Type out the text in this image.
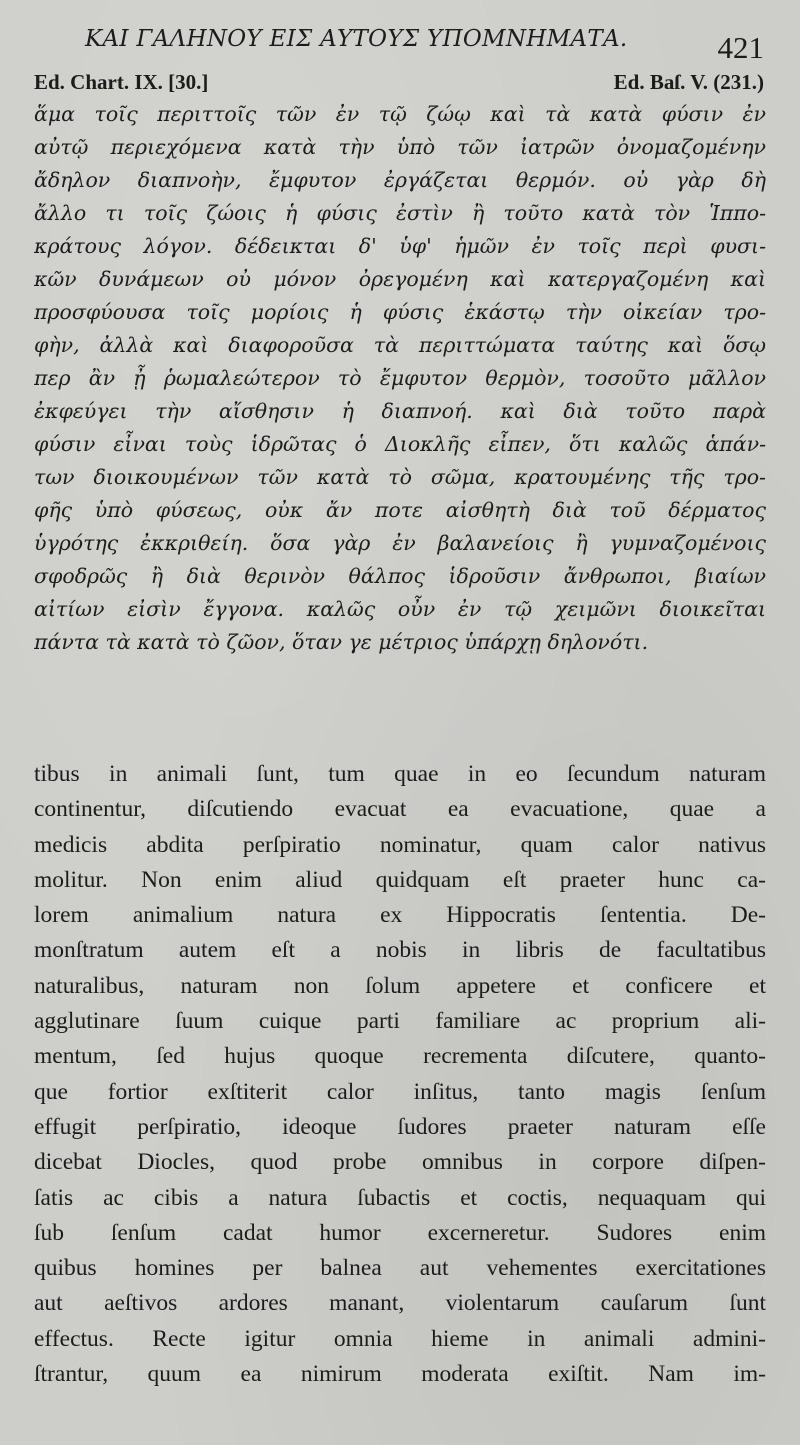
ΚΑΙ ΓΑΛΗΝΟΥ ΕΙΣ ΑΥΤΟΥΣ ΥΠΟΜΝΗΜΑΤΑ.	421
Ed. Chart. IX. [30.]	Ed. Baſ. V. (231.)
ἅμα τοῖς περιττοῖς τῶν ἐν τῷ ζώῳ καὶ τὰ κατὰ φύσιν ἐν
αὐτῷ περιεχόμενα κατὰ τὴν ὑπὸ τῶν ἰατρῶν ὀνομαζομένην
ἄδηλον διαπνοὴν, ἔμφυτον ἐργάζεται θερμόν. οὐ γὰρ δὴ
ἄλλο τι τοῖς ζώοις ἡ φύσις ἐστὶν ἢ τοῦτο κατὰ τὸν Ἱππο-
κράτους λόγον. δέδεικται δ' ὑφ' ἡμῶν ἐν τοῖς περὶ φυσι-
κῶν δυνάμεων οὐ μόνον ὀρεγομένη καὶ κατεργαζομένη καὶ
προσφύουσα τοῖς μορίοις ἡ φύσις ἑκάστῳ τὴν οἰκείαν τρο-
φὴν, ἀλλὰ καὶ διαφοροῦσα τὰ περιττώματα ταύτης καὶ ὅσῳ
περ ἂν ᾖ ῥωμαλεώτερον τὸ ἔμφυτον θερμὸν, τοσοῦτο μᾶλλον
ἐκφεύγει τὴν αἴσθησιν ἡ διαπνοή. καὶ διὰ τοῦτο παρὰ
φύσιν εἶναι τοὺς ἱδρῶτας ὁ Διοκλῆς εἶπεν, ὅτι καλῶς ἁπάν-
των διοικουμένων τῶν κατὰ τὸ σῶμα, κρατουμένης τῆς τρο-
φῆς ὑπὸ φύσεως, οὐκ ἄν ποτε αἰσθητὴ διὰ τοῦ δέρματος
ὑγρότης ἐκκριθείη. ὅσα γὰρ ἐν βαλανείοις ἢ γυμναζομένοις
σφοδρῶς ἢ διὰ θερινὸν θάλπος ἱδροῦσιν ἄνθρωποι, βιαίων
αἰτίων εἰσὶν ἔγγονα. καλῶς οὖν ἐν τῷ χειμῶνι διοικεῖται
πάντα τὰ κατὰ τὸ ζῶον, ὅταν γε μέτριος ὑπάρχῃ δηλονότι.
tibus in animali ſunt, tum quae in eo ſecundum naturam
continentur, diſcutiendo evacuat ea evacuatione, quae a
medicis abdita perſpiratio nominatur, quam calor nativus
molitur. Non enim aliud quidquam eſt praeter hunc ca-
lorem animalium natura ex Hippocratis ſententia. De-
monſtratum autem eſt a nobis in libris de facultatibus
naturalibus, naturam non ſolum appetere et conficere et
agglutinare ſuum cuique parti familiare ac proprium ali-
mentum, ſed hujus quoque recrementa diſcutere, quanto-
que fortior exſtiterit calor inſitus, tanto magis ſenſum
effugit perſpiratio, ideoque ſudores praeter naturam eſſe
dicebat Diocles, quod probe omnibus in corpore diſpen-
ſatis ac cibis a natura ſubactis et coctis, nequaquam qui
ſub ſenſum cadat humor excerneretur. Sudores enim
quibus homines per balnea aut vehementes exercitationes
aut aeſtivos ardores manant, violentarum cauſarum ſunt
effectus. Recte igitur omnia hieme in animali admini-
ſtrantur, quum ea nimirum moderata exiſtit. Nam im-
